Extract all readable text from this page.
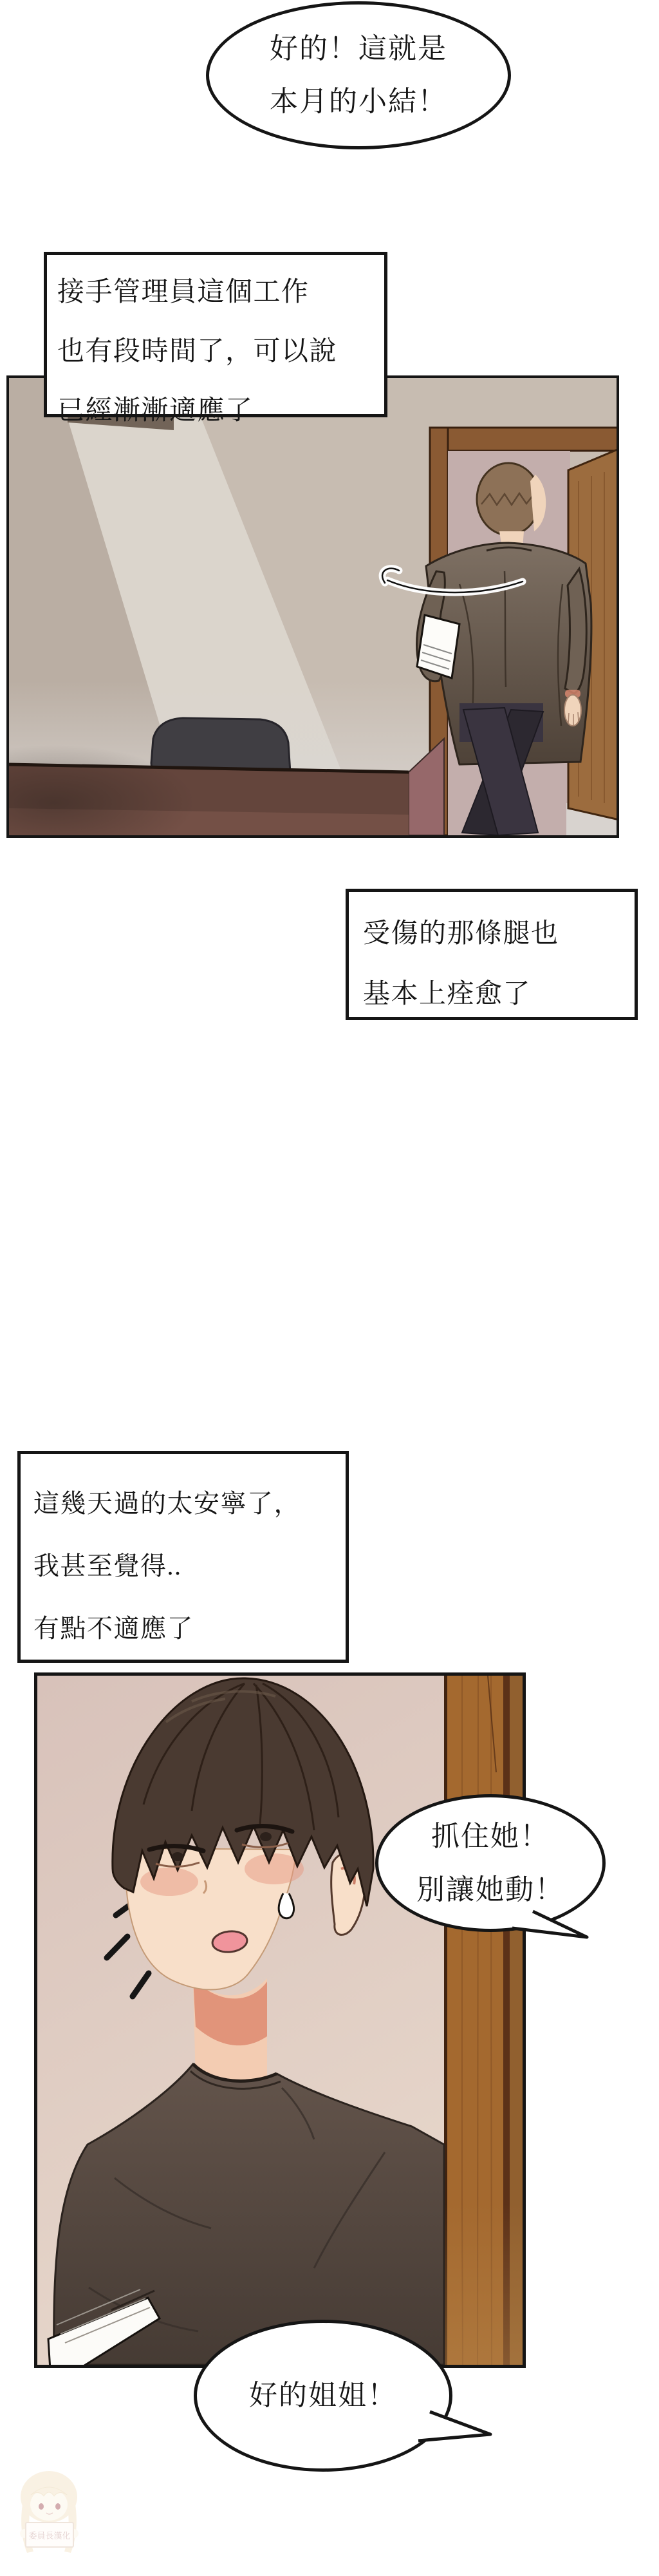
好的！這就是
本月的小結！
接手管理員這個工作
也有段時間了，可以說
已經漸漸適應了
受傷的那條腿也
基本上痊愈了
這幾天過的太安寧了，
我甚至覺得..
有點不適應了
抓住她！
別讓她動！
好的姐姐！
委員長漢化
